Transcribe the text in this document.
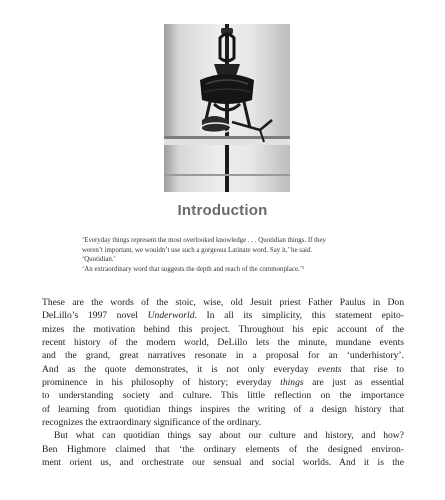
Introduction
‘Everyday things represent the most overlooked knowledge . . . Quotidian things. If they
weren’t important, we wouldn’t use such a gorgeous Latinate word. Say it,’ he said.
‘Quotidian.’
‘An extraordinary word that suggests the depth and reach of the commonplace.’¹
These are the words of the stoic, wise, old Jesuit priest Father Paulus in Don
DeLillo’s 1997 novel Underworld. In all its simplicity, this statement epito-
mizes the motivation behind this project. Throughout his epic account of the
recent history of the modern world, DeLillo lets the minute, mundane events
and the grand, great narratives resonate in a proposal for an ‘underhistory’.
And as the quote demonstrates, it is not only everyday events that rise to
prominence in his philosophy of history; everyday things are just as essential
to understanding society and culture. This little reflection on the importance
of learning from quotidian things inspires the writing of a design history that
recognizes the extraordinary significance of the ordinary.
But what can quotidian things say about our culture and history, and how?
Ben Highmore claimed that ‘the ordinary elements of the designed environ-
ment orient us, and orchestrate our sensual and social worlds. And it is the
